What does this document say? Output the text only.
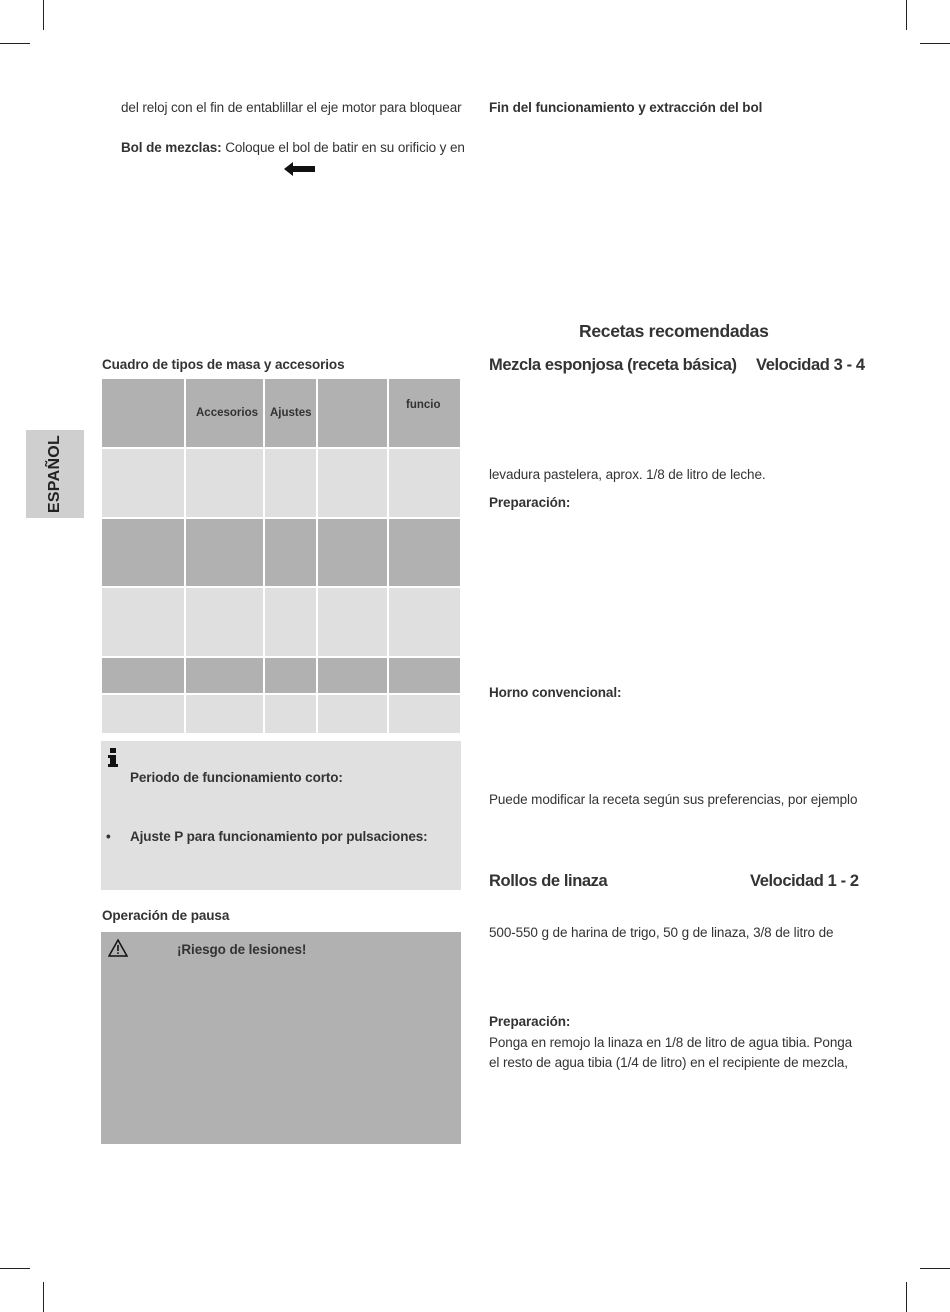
ESPAÑOL
del reloj con el fin de entablillar el eje motor para bloquear
Bol de mezclas: Coloque el bol de batir en su orificio y en
Cuadro de tipos de masa y accesorios
Accesorios Ajustes
funcio
Periodo de funcionamiento corto:
• Ajuste P para funcionamiento por pulsaciones:
Operación de pausa
¡Riesgo de lesiones!
Fin del funcionamiento y extracción del bol
Recetas recomendadas
Mezcla esponjosa (receta básica) Velocidad 3 - 4
levadura pastelera, aprox. 1/8 de litro de leche.
Preparación:
Horno convencional:
Puede modificar la receta según sus preferencias, por ejemplo
Rollos de linaza	Velocidad 1 - 2
500-550 g de harina de trigo, 50 g de linaza, 3/8 de litro de
Preparación:
Ponga en remojo la linaza en 1/8 de litro de agua tibia. Ponga
el resto de agua tibia (1/4 de litro) en el recipiente de mezcla,
